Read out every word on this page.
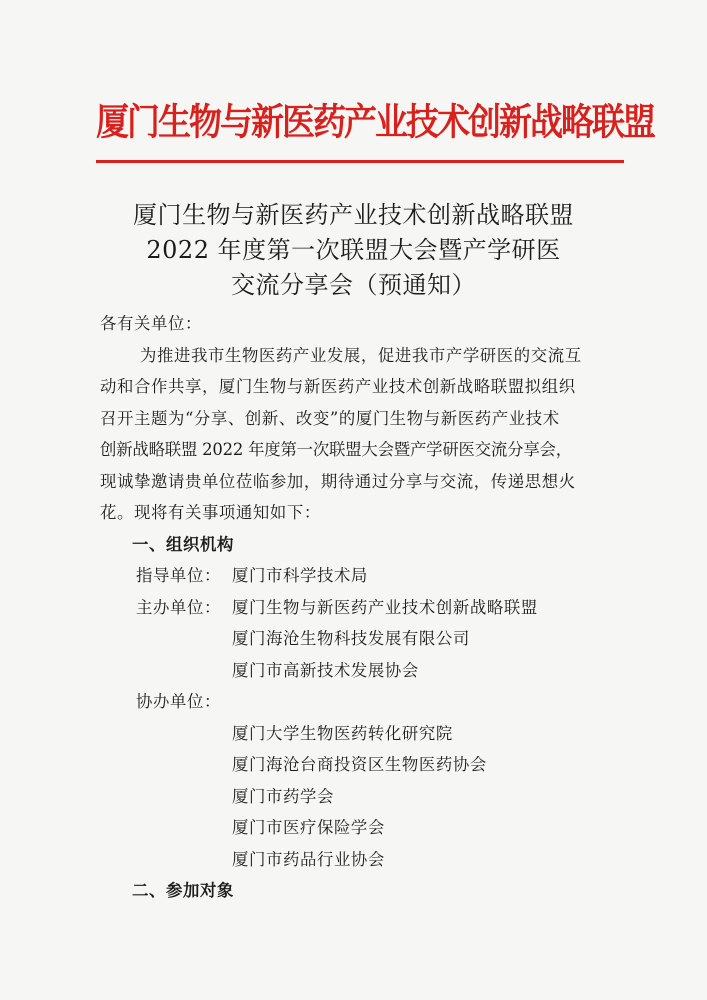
厦门生物与新医药产业技术创新战略联盟
厦门生物与新医药产业技术创新战略联盟
2022 年度第一次联盟大会暨产学研医
交流分享会（预通知）
各有关单位：
为推进我市生物医药产业发展，促进我市产学研医的交流互
动和合作共享，厦门生物与新医药产业技术创新战略联盟拟组织
召开主题为“分享、创新、改变”的厦门生物与新医药产业技术
创新战略联盟 2022 年度第一次联盟大会暨产学研医交流分享会，
现诚挚邀请贵单位莅临参加，期待通过分享与交流，传递思想火
花。现将有关事项通知如下：
一、组织机构
指导单位： 厦门市科学技术局
主办单位： 厦门生物与新医药产业技术创新战略联盟
厦门海沧生物科技发展有限公司
厦门市高新技术发展协会
协办单位：
厦门大学生物医药转化研究院
厦门海沧台商投资区生物医药协会
厦门市药学会
厦门市医疗保险学会
厦门市药品行业协会
二、参加对象
